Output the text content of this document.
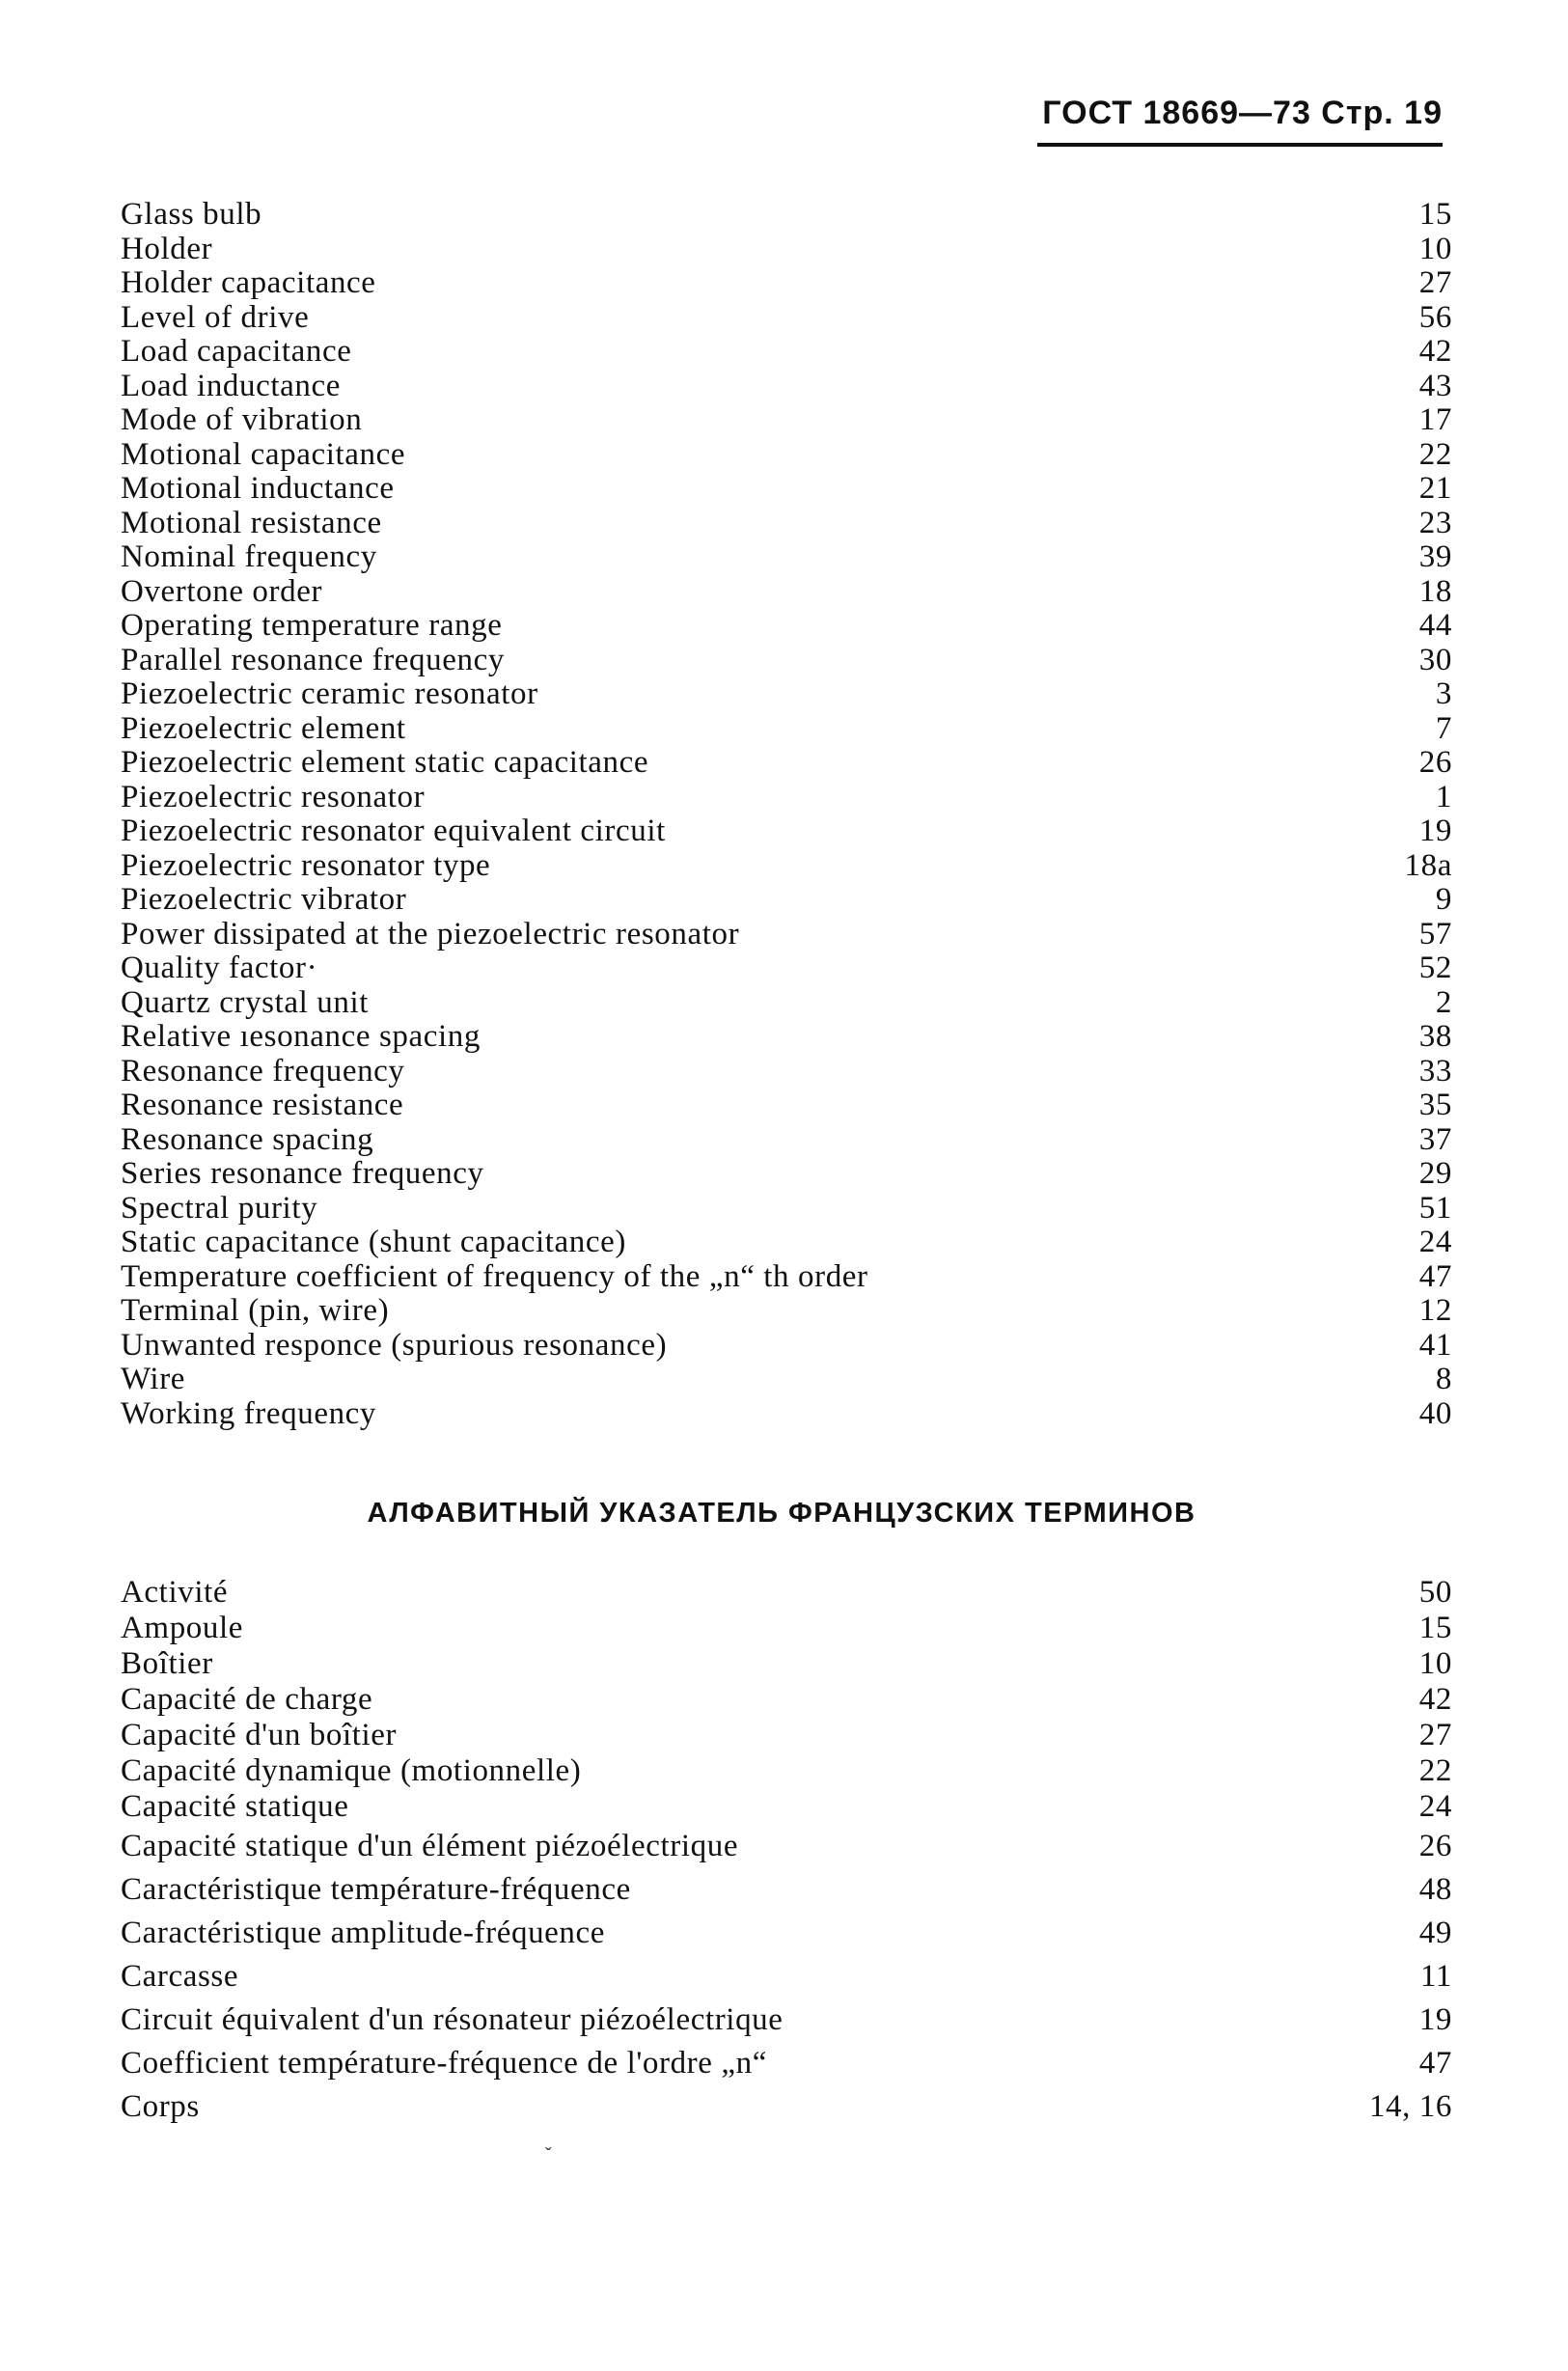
ГОСТ 18669—73 Стр. 19
Glass bulb	15
Holder	10
Holder capacitance	27
Level of drive	56
Load capacitance	42
Load inductance	43
Mode of vibration	17
Motional capacitance	22
Motional inductance	21
Motional resistance	23
Nominal frequency	39
Overtone order	18
Operating temperature range	44
Parallel resonance frequency	30
Piezoelectric ceramic resonator	3
Piezoelectric element	7
Piezoelectric element static capacitance	26
Piezoelectric resonator	1
Piezoelectric resonator equivalent circuit	19
Piezoelectric resonator type	18a
Piezoelectric vibrator	9
Power dissipated at the piezoelectric resonator	57
Quality factor·	52
Quartz crystal unit	2
Relative ıesonance spacing	38
Resonance frequency	33
Resonance resistance	35
Resonance spacing	37
Series resonance frequency	29
Spectral purity	51
Static capacitance (shunt capacitance)	24
Temperature coefficient of frequency of the „n“ th order	47
Terminal (pin, wire)	12
Unwanted responce (spurious resonance)	41
Wire	8
Working frequency	40
АЛФАВИТНЫЙ УКАЗАТЕЛЬ ФРАНЦУЗСКИХ ТЕРМИНОВ
Activité	50
Ampoule	15
Boîtier	10
Capacité de charge	42
Capacité d'un boîtier	27
Capacité dynamique (motionnelle)	22
Capacité statique	24
Capacité statique d'un élément piézoélectrique	26
Caractéristique température-fréquence	48
Caractéristique amplitude-fréquence	49
Carcasse	11
Circuit équivalent d'un résonateur piézoélectrique	19
Coefficient température-fréquence de l'ordre „n“	47
Corps	14, 16
ˇ
